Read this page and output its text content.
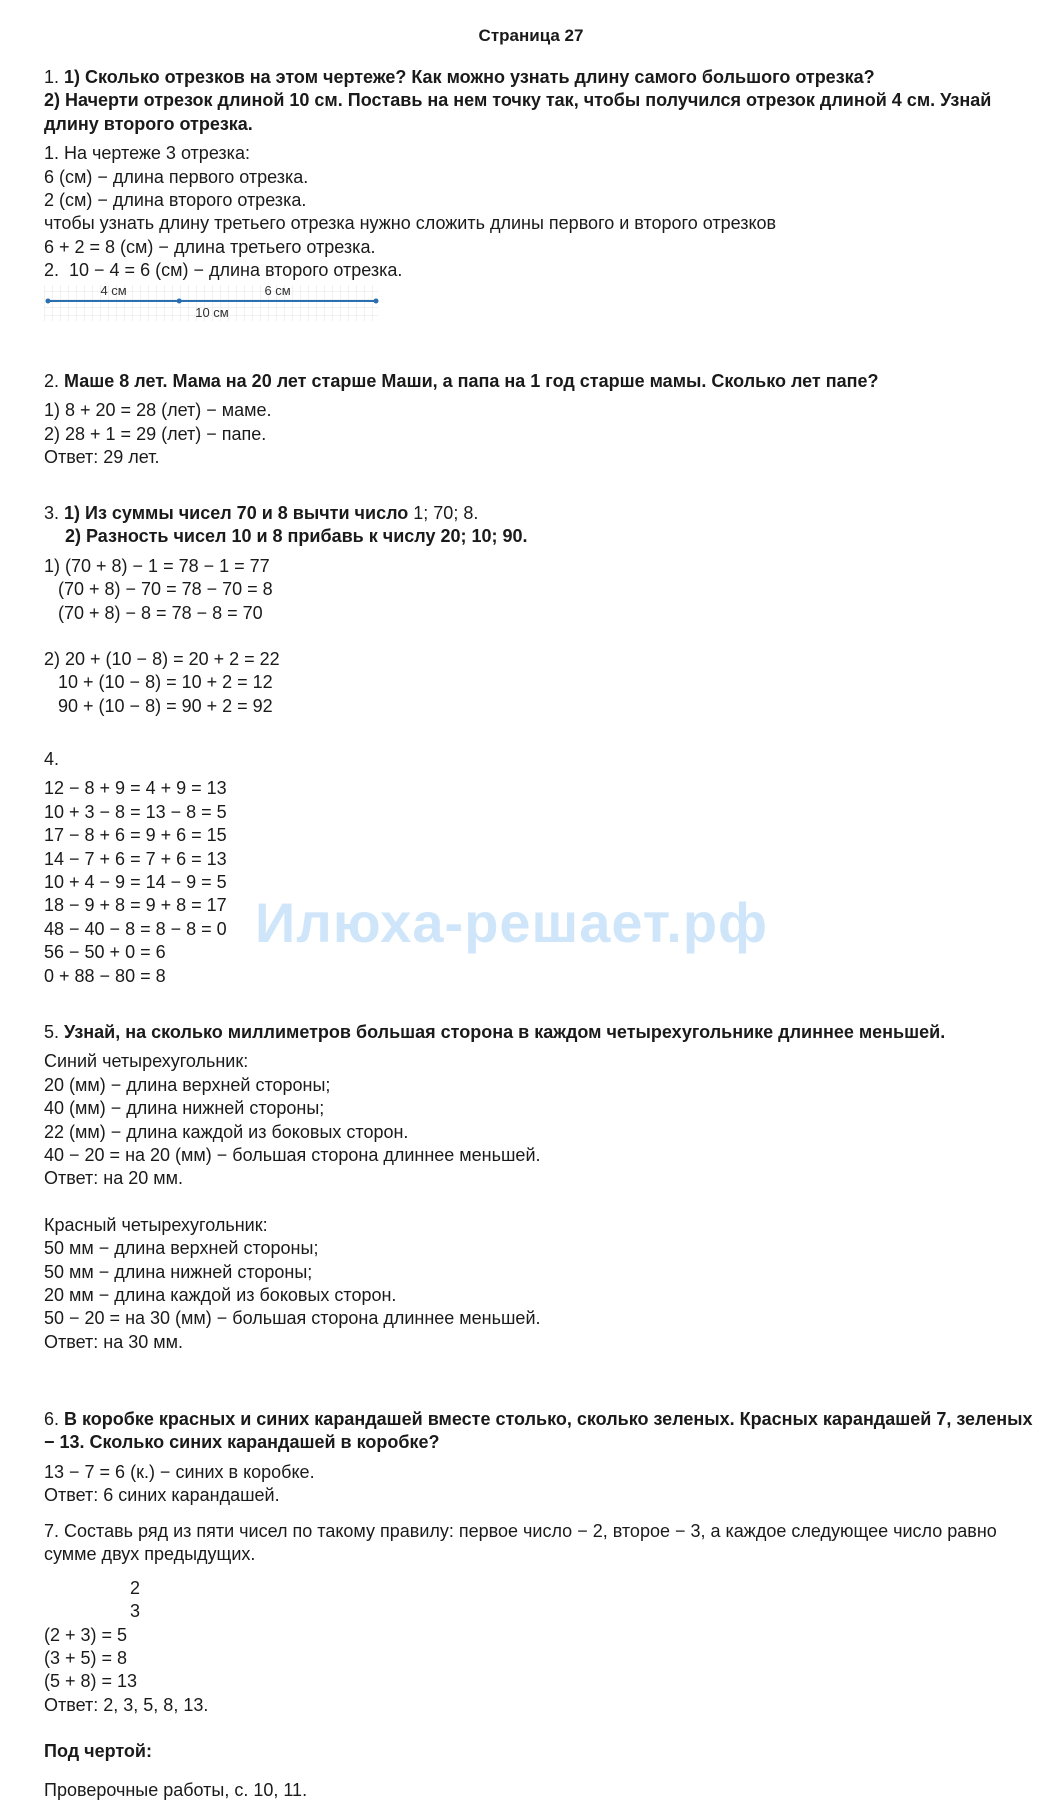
Илюха-решает.рф
Страница 27
1. 1) Сколько отрезков на этом чертеже? Как можно узнать длину самого большого отрезка?
2) Начерти отрезок длиной 10 см. Поставь на нем точку так, чтобы получился отрезок длиной 4 см. Узнай длину второго отрезка.
1. На чертеже 3 отрезка:
6 (см) − длина первого отрезка.
2 (см) − длина второго отрезка.
чтобы узнать длину третьего отрезка нужно сложить длины первого и второго отрезков
6 + 2 = 8 (см) − длина третьего отрезка.
2.  10 − 4 = 6 (см) − длина второго отрезка.
4 см	6 см
10 см
2. Маше 8 лет. Мама на 20 лет старше Маши, а папа на 1 год старше мамы. Сколько лет папе?
1) 8 + 20 = 28 (лет) − маме.
2) 28 + 1 = 29 (лет) − папе.
Ответ: 29 лет.
3. 1) Из суммы чисел 70 и 8 вычти число 1; 70; 8.
2) Разность чисел 10 и 8 прибавь к числу 20; 10; 90.
1) (70 + 8) − 1 = 78 − 1 = 77
(70 + 8) − 70 = 78 − 70 = 8
(70 + 8) − 8 = 78 − 8 = 70
2) 20 + (10 − 8) = 20 + 2 = 22
10 + (10 − 8) = 10 + 2 = 12
90 + (10 − 8) = 90 + 2 = 92
4.
12 − 8 + 9 = 4 + 9 = 13
10 + 3 − 8 = 13 − 8 = 5
17 − 8 + 6 = 9 + 6 = 15
14 − 7 + 6 = 7 + 6 = 13
10 + 4 − 9 = 14 − 9 = 5
18 − 9 + 8 = 9 + 8 = 17
48 − 40 − 8 = 8 − 8 = 0
56 − 50 + 0 = 6
0 + 88 − 80 = 8
5. Узнай, на сколько миллиметров большая сторона в каждом четырехугольнике длиннее меньшей.
Синий четырехугольник:
20 (мм) − длина верхней стороны;
40 (мм) − длина нижней стороны;
22 (мм) − длина каждой из боковых сторон.
40 − 20 = на 20 (мм) − большая сторона длиннее меньшей.
Ответ: на 20 мм.
Красный четырехугольник:
50 мм − длина верхней стороны;
50 мм − длина нижней стороны;
20 мм − длина каждой из боковых сторон.
50 − 20 = на 30 (мм) − большая сторона длиннее меньшей.
Ответ: на 30 мм.
6. В коробке красных и синих карандашей вместе столько, сколько зеленых. Красных карандашей 7, зеленых − 13. Сколько синих карандашей в коробке?
13 − 7 = 6 (к.) − синих в коробке.
Ответ: 6 синих карандашей.
7. Составь ряд из пяти чисел по такому правилу: первое число − 2, второе − 3, а каждое следующее число равно сумме двух предыдущих.
2
3
(2 + 3) = 5
(3 + 5) = 8
(5 + 8) = 13
Ответ: 2, 3, 5, 8, 13.
Под чертой:
Проверочные работы, с. 10, 11.
